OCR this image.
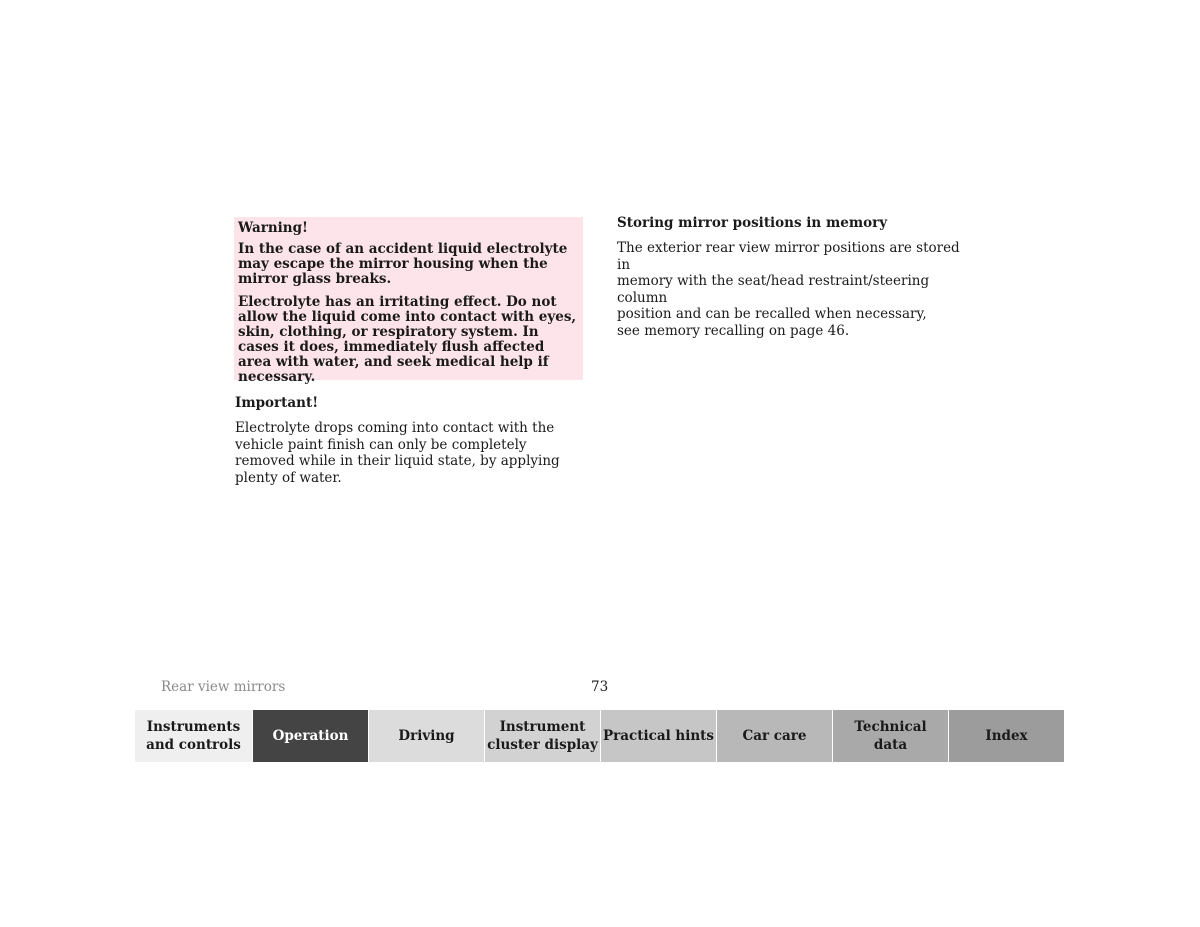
Warning!

In the case of an accident liquid electrolyte may escape the mirror housing when the mirror glass breaks.

Electrolyte has an irritating effect. Do not allow the liquid come into contact with eyes, skin, clothing, or respiratory system. In cases it does, immediately flush affected area with water, and seek medical help if necessary.

Important!

Electrolyte drops coming into contact with the vehicle paint finish can only be completely removed while in their liquid state, by applying plenty of water.

Storing mirror positions in memory

The exterior rear view mirror positions are stored in
memory with the seat/head restraint/steering column
position and can be recalled when necessary,
see memory recalling on page 46.

Rear view mirrors	73
Instruments
and controls
Operation	Driving
Instrument
cluster display
Practical hints	Car care
Technical
data
Index
